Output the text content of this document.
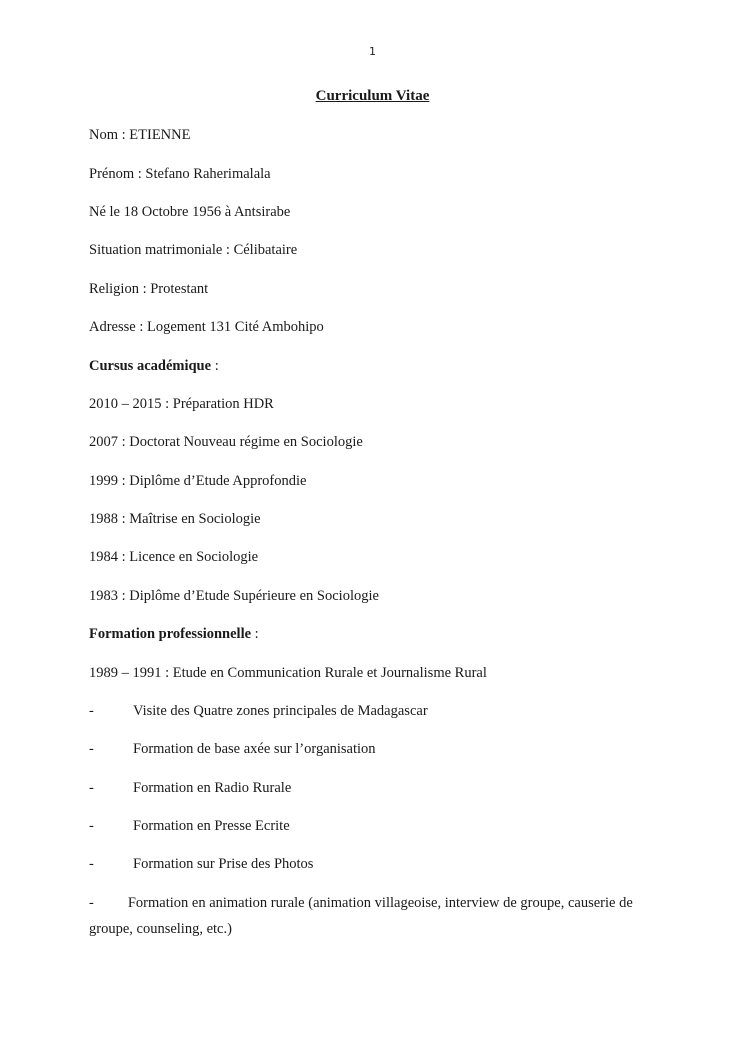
1
Curriculum Vitae
Nom : ETIENNE
Prénom : Stefano Raherimalala
Né le 18 Octobre 1956 à Antsirabe
Situation matrimoniale : Célibataire
Religion : Protestant
Adresse : Logement 131 Cité Ambohipo
Cursus académique :
2010 – 2015 : Préparation HDR
2007 : Doctorat Nouveau régime en Sociologie
1999 : Diplôme d’Etude Approfondie
1988 : Maîtrise en Sociologie
1984 : Licence en Sociologie
1983 : Diplôme d’Etude Supérieure en Sociologie
Formation professionnelle :
1989 – 1991 : Etude en Communication Rurale et Journalisme Rural
-	Visite des Quatre zones principales de Madagascar
-	Formation de base axée sur l’organisation
-	Formation en Radio Rurale
-	Formation en Presse Ecrite
-	Formation sur Prise des Photos
- Formation en animation rurale (animation villageoise, interview de groupe, causerie de groupe, counseling, etc.)
